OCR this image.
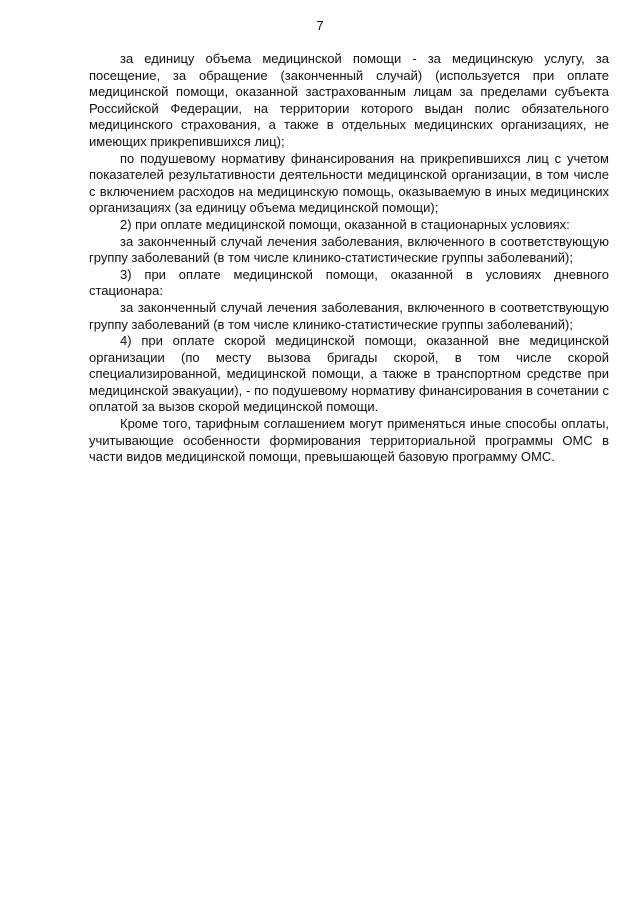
7

за единицу объема медицинской помощи - за медицинскую услугу, за посещение, за обращение (законченный случай) (используется при оплате медицинской помощи, оказанной застрахованным лицам за пределами субъекта Российской Федерации, на территории которого выдан полис обязательного медицинского страхования, а также в отдельных медицинских организациях, не имеющих прикрепившихся лиц);

по подушевому нормативу финансирования на прикрепившихся лиц с учетом показателей результативности деятельности медицинской организации, в том числе с включением расходов на медицинскую помощь, оказываемую в иных медицинских организациях (за единицу объема медицинской помощи);

2) при оплате медицинской помощи, оказанной в стационарных условиях:

за законченный случай лечения заболевания, включенного в соответствующую группу заболеваний (в том числе клинико-статистические группы заболеваний);

3) при оплате медицинской помощи, оказанной в условиях дневного стационара:

за законченный случай лечения заболевания, включенного в соответствующую группу заболеваний (в том числе клинико-статистические группы заболеваний);

4) при оплате скорой медицинской помощи, оказанной вне медицинской организации (по месту вызова бригады скорой, в том числе скорой специализированной, медицинской помощи, а также в транспортном средстве при медицинской эвакуации), - по подушевому нормативу финансирования в сочетании с оплатой за вызов скорой медицинской помощи.

Кроме того, тарифным соглашением могут применяться иные способы оплаты, учитывающие особенности формирования территориальной программы ОМС в части видов медицинской помощи, превышающей базовую программу ОМС.
